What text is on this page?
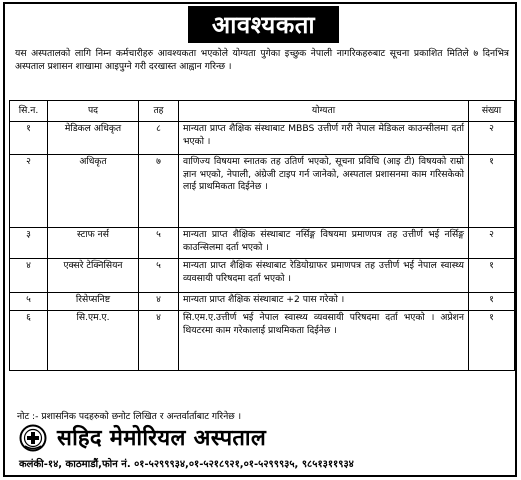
आवश्यकता
यस अस्पतालको लागि निम्न कर्मचारीहरु आवश्यकता भएकोले योग्यता पुगेका इच्छुक नेपाली नागरिकहरुबाट सूचना प्रकाशित मितिले ७ दिनभित्र अस्पताल प्रशासन शाखामा आइपुग्ने गरी दरखास्त आह्वान गरिन्छ ।
सि.न.	पद	तह	योग्यता	संख्या
१	मेडिकल अधिकृत	८	मान्यता प्राप्त शैक्षिक संस्थाबाट MBBS उत्तीर्ण गरी नेपाल मेडिकल काउन्सीलमा दर्ता भएको ।	२
२	अधिकृत	७	वाणिज्य विषयमा स्नातक तह उतिर्ण भएको, सूचना प्रविधि (आइ टी) विषयको राम्रो ज्ञान भएको, नेपाली, अंग्रेजी टाइप गर्न जानेको, अस्पताल प्रशासनमा काम गरिसकेको लाई प्राथमिकता दिईनेछ ।	१
३	स्टाफ नर्स	५	मान्यता प्राप्त शैक्षिक संस्थाबाट नर्सिङ्ग विषयमा प्रमाणपत्र तह उत्तीर्ण भई नर्सिङ्ग काउन्सिलमा दर्ता भएको ।	२
४	एक्सरे टेक्निसियन	५	मान्यता प्राप्त शैक्षिक संस्थाबाट रेडियोग्राफर प्रमाणपत्र तह उत्तीर्ण भई नेपाल स्वास्थ्य व्यवसायी परिषदमा दर्ता भएको ।	१
५	रिसेप्सनिष्ट	४	मान्यता प्राप्त शैक्षिक संस्थाबाट +2 पास गरेको ।	१
६	सि.एम.ए.	४	सि.एम.ए.उत्तीर्ण भई नेपाल स्वास्थ्य व्यवसायी परिषदमा दर्ता भएको । अप्रेशन थियटरमा काम गरेकालाई प्राथमिकता दिईनेछ ।	१
नोट :- प्रशासनिक पदहरुको छनोट लिखित र अन्तर्वार्ताबाट गरिनेछ ।
सहिद मेमोरियल अस्पताल
कलंकी-१४, काठमाडौं,फोन नं. ०१-५२९९९३४,०१-५२१८९२१,०१-५२९९९३५, ९८५१३११९३४
